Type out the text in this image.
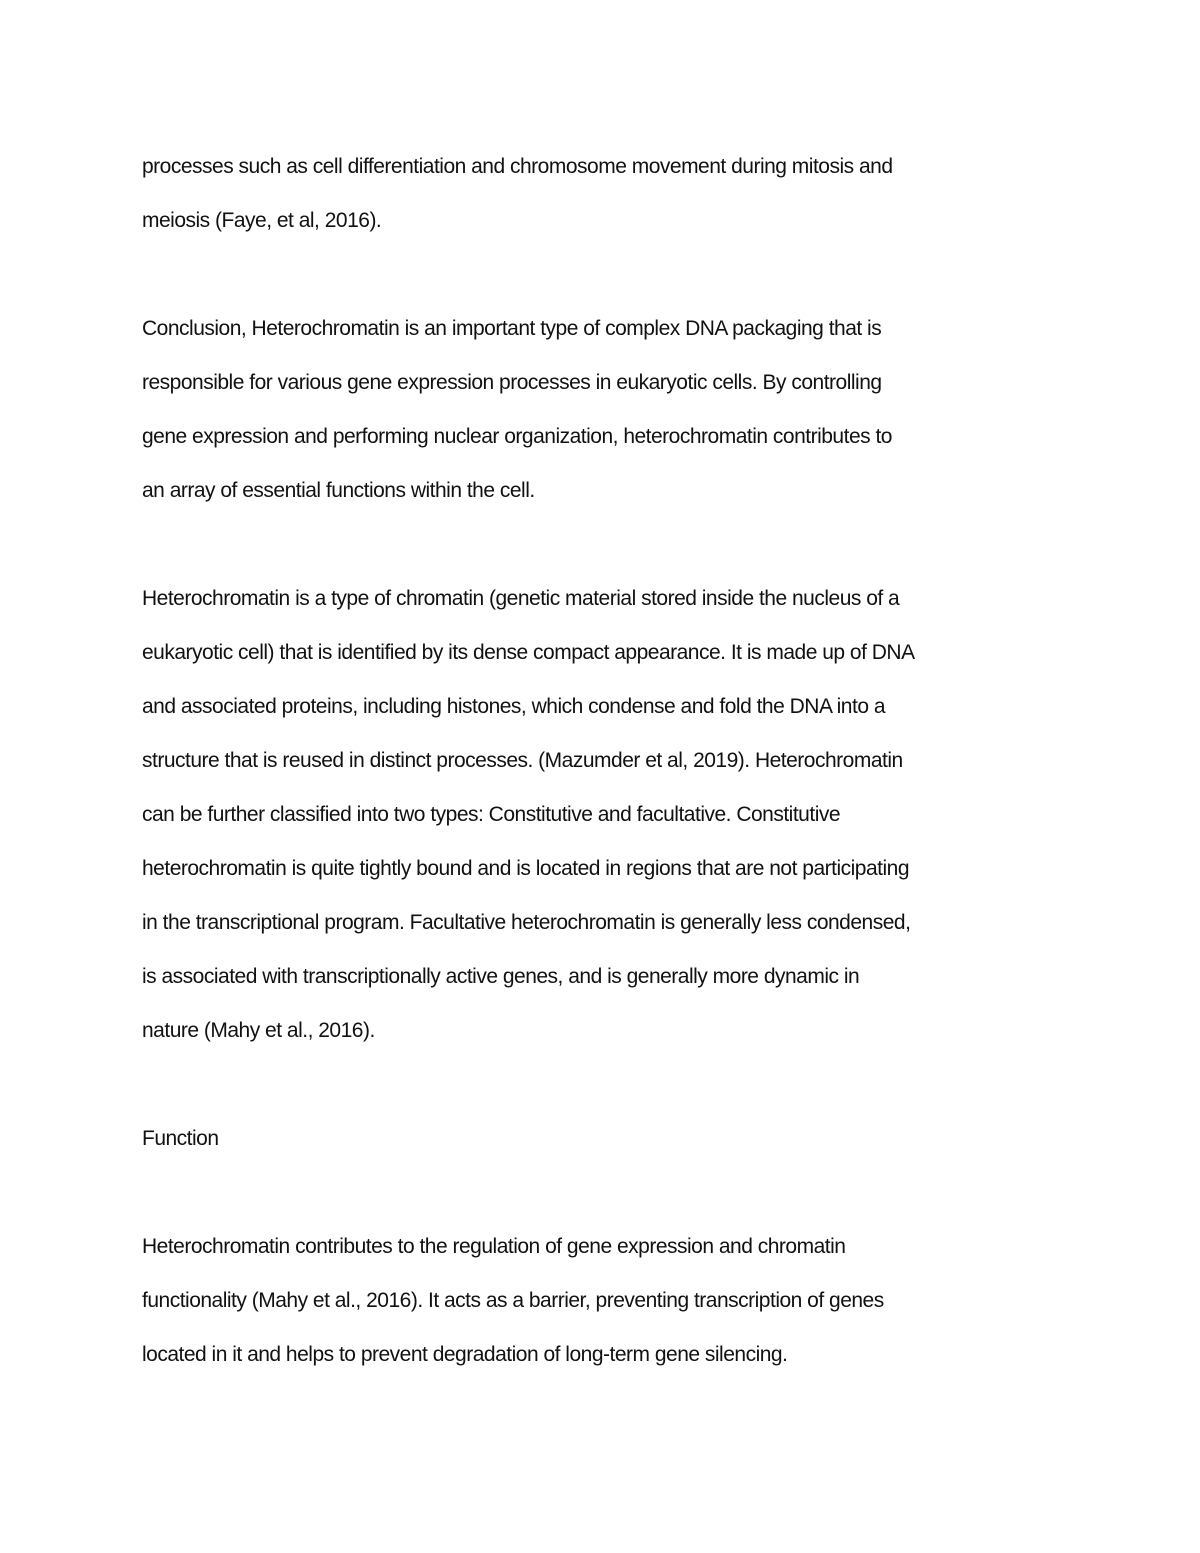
processes such as cell differentiation and chromosome movement during mitosis and
meiosis (Faye, et al, 2016).
Conclusion, Heterochromatin is an important type of complex DNA packaging that is
responsible for various gene expression processes in eukaryotic cells. By controlling
gene expression and performing nuclear organization, heterochromatin contributes to
an array of essential functions within the cell.
Heterochromatin is a type of chromatin (genetic material stored inside the nucleus of a
eukaryotic cell) that is identified by its dense compact appearance. It is made up of DNA
and associated proteins, including histones, which condense and fold the DNA into a
structure that is reused in distinct processes. (Mazumder et al, 2019). Heterochromatin
can be further classified into two types: Constitutive and facultative. Constitutive
heterochromatin is quite tightly bound and is located in regions that are not participating
in the transcriptional program. Facultative heterochromatin is generally less condensed,
is associated with transcriptionally active genes, and is generally more dynamic in
nature (Mahy et al., 2016).
Function
Heterochromatin contributes to the regulation of gene expression and chromatin
functionality (Mahy et al., 2016). It acts as a barrier, preventing transcription of genes
located in it and helps to prevent degradation of long-term gene silencing.
